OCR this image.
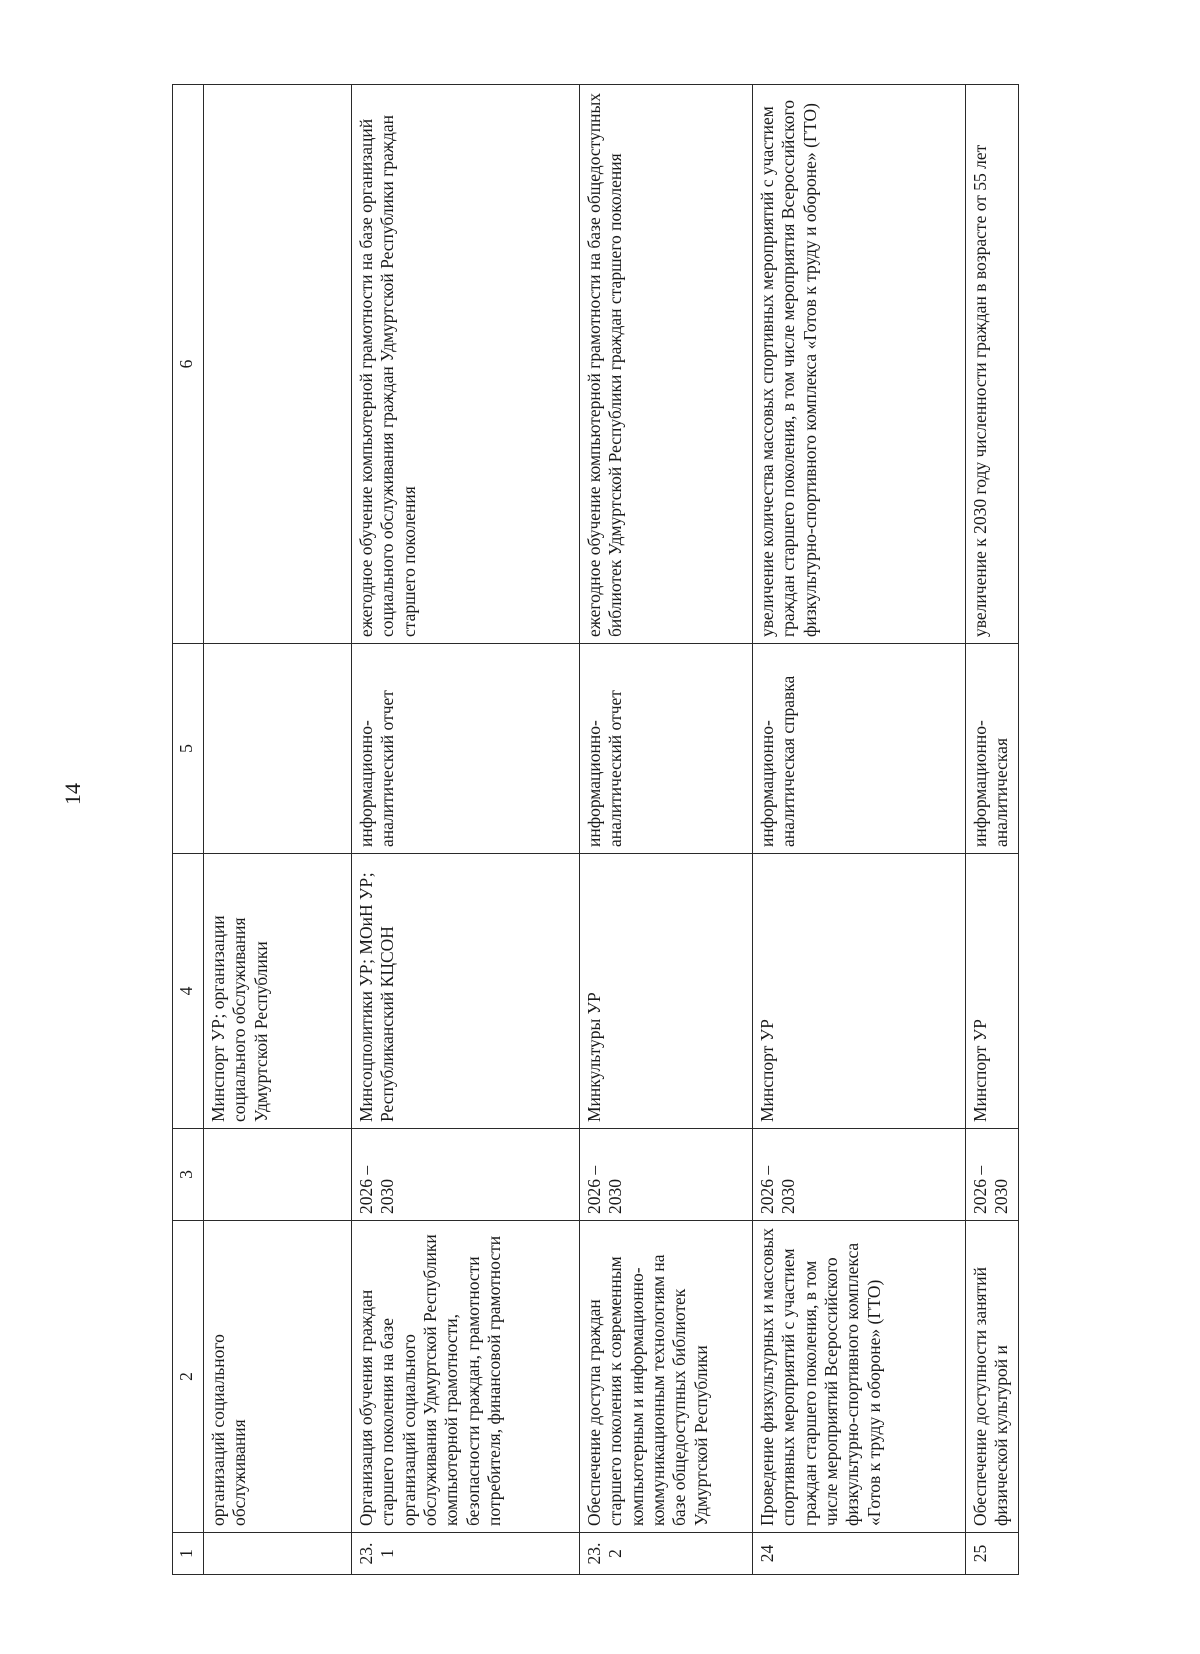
14
1	2	3	4	5	6
	организаций социального обслуживания		Минспорт УР; организации социального обслуживания Удмуртской Республики		
23.1	Организация обучения граждан старшего поколения на базе организаций социального обслуживания Удмуртской Республики компьютерной грамотности, безопасности граждан, грамотности потребителя, финансовой грамотности	2026 – 2030	Минсоцполитики УР; МОиН УР; Республиканский КЦСОН	информационно-аналитический отчет	ежегодное обучение компьютерной грамотности на базе организаций социального обслуживания граждан Удмуртской Республики граждан старшего поколения
23.2	Обеспечение доступа граждан старшего поколения к современным компьютерным и информационно-коммуникационным технологиям на базе общедоступных библиотек Удмуртской Республики	2026 – 2030	Минкультуры УР	информационно-аналитический отчет	ежегодное обучение компьютерной грамотности на базе общедоступных библиотек Удмуртской Республики граждан старшего поколения
24	Проведение физкультурных и массовых спортивных мероприятий с участием граждан старшего поколения, в том числе мероприятий Всероссийского физкультурно-спортивного комплекса «Готов к труду и обороне» (ГТО)	2026 – 2030	Минспорт УР	информационно-аналитическая справка	увеличение количества массовых спортивных мероприятий с участием граждан старшего поколения, в том числе мероприятия Всероссийского физкультурно-спортивного комплекса «Готов к труду и обороне» (ГТО)
25	Обеспечение доступности занятий физической культурой и	2026 – 2030	Минспорт УР	информационно-аналитическая	увеличение к 2030 году численности граждан в возрасте от 55 лет
